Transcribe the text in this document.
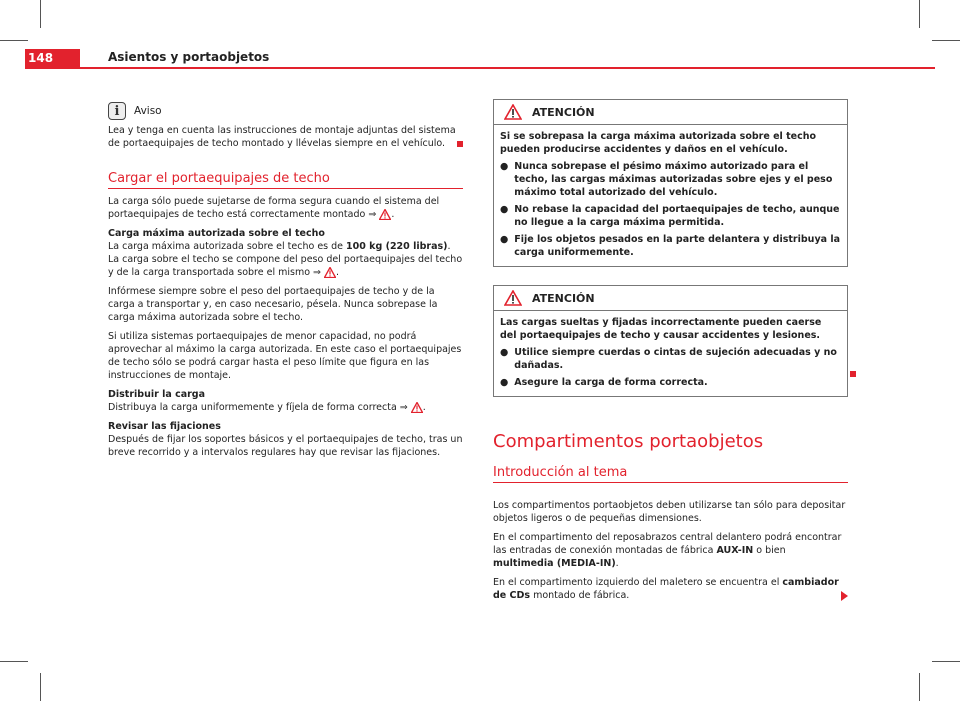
148	Asientos y portaobjetos
i	Aviso

Lea y tenga en cuenta las instrucciones de montaje adjuntas del sistema de portaequipajes de techo montado y llévelas siempre en el vehículo.

Cargar el portaequipajes de techo

La carga sólo puede sujetarse de forma segura cuando el sistema del portaequipajes de techo está correctamente montado ⇒ .

Carga máxima autorizada sobre el techo

La carga máxima autorizada sobre el techo es de 100 kg (220 libras). La carga sobre el techo se compone del peso del portaequipajes del techo y de la carga transportada sobre el mismo ⇒ .

Infórmese siempre sobre el peso del portaequipajes de techo y de la carga a transportar y, en caso necesario, pésela. Nunca sobrepase la carga máxima autorizada sobre el techo.

Si utiliza sistemas portaequipajes de menor capacidad, no podrá aprovechar al máximo la carga autorizada. En este caso el portaequipajes de techo sólo se podrá cargar hasta el peso límite que figura en las instrucciones de montaje.

Distribuir la carga

Distribuya la carga uniformemente y fíjela de forma correcta ⇒ .

Revisar las fijaciones

Después de fijar los soportes básicos y el portaequipajes de techo, tras un breve recorrido y a intervalos regulares hay que revisar las fijaciones.

ATENCIÓN

Si se sobrepasa la carga máxima autorizada sobre el techo pueden producirse accidentes y daños en el vehículo.

● Nunca sobrepase el pésimo máximo autorizado para el techo, las cargas máximas autorizadas sobre ejes y el peso máximo total autorizado del vehículo.

● No rebase la capacidad del portaequipajes de techo, aunque no llegue a la carga máxima permitida.

● Fije los objetos pesados en la parte delantera y distribuya la carga uniformemente.

ATENCIÓN

Las cargas sueltas y fijadas incorrectamente pueden caerse del portaequipajes de techo y causar accidentes y lesiones.

● Utilice siempre cuerdas o cintas de sujeción adecuadas y no dañadas.

● Asegure la carga de forma correcta.

Compartimentos portaobjetos
Introducción al tema

Los compartimentos portaobjetos deben utilizarse tan sólo para depositar objetos ligeros o de pequeñas dimensiones.

En el compartimento del reposabrazos central delantero podrá encontrar las entradas de conexión montadas de fábrica AUX-IN o bien multimedia (MEDIA-IN).

En el compartimento izquierdo del maletero se encuentra el cambiador de CDs montado de fábrica.
